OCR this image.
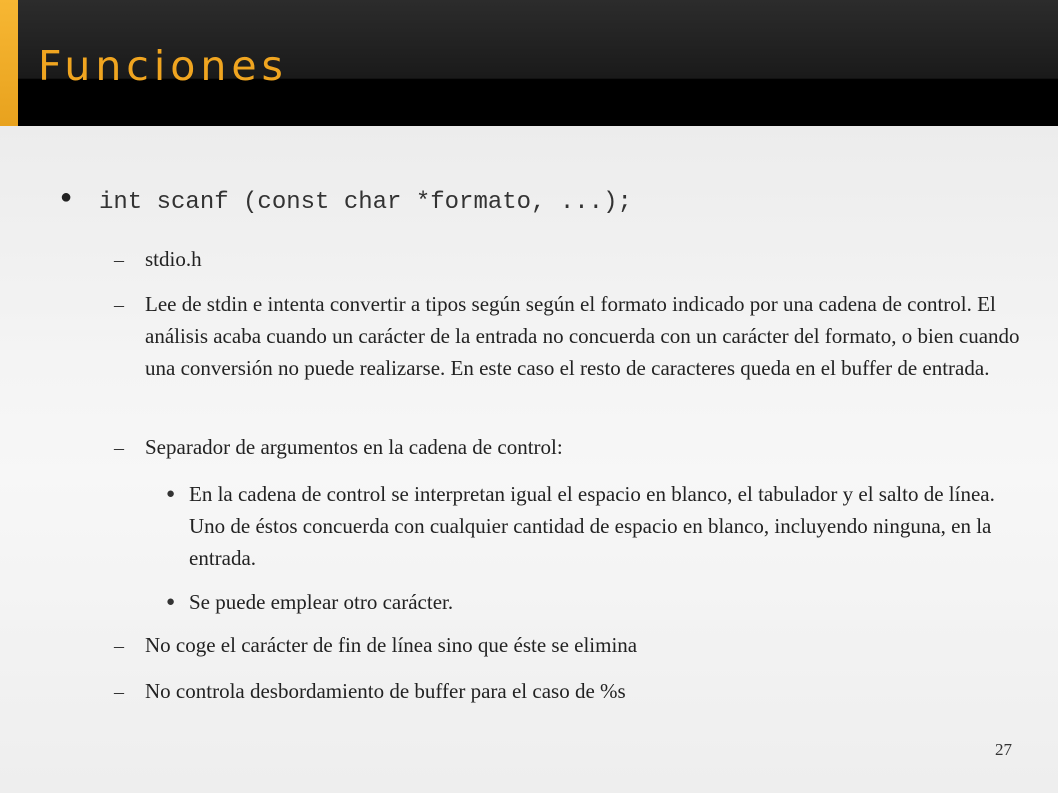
Funciones
● int scanf (const char *formato, ...);
– stdio.h
– Lee de stdin e intenta convertir a tipos según según el formato indicado por una cadena de control. El análisis acaba cuando un carácter de la entrada no concuerda con un carácter del formato, o bien cuando una conversión no puede realizarse. En este caso el resto de caracteres queda en el buffer de entrada.
– Separador de argumentos en la cadena de control:
● En la cadena de control se interpretan igual el espacio en blanco, el tabulador y el salto de línea. Uno de éstos concuerda con cualquier cantidad de espacio en blanco, incluyendo ninguna, en la entrada.
● Se puede emplear otro carácter.
– No coge el carácter de fin de línea sino que éste se elimina
– No controla desbordamiento de buffer para el caso de %s
27
